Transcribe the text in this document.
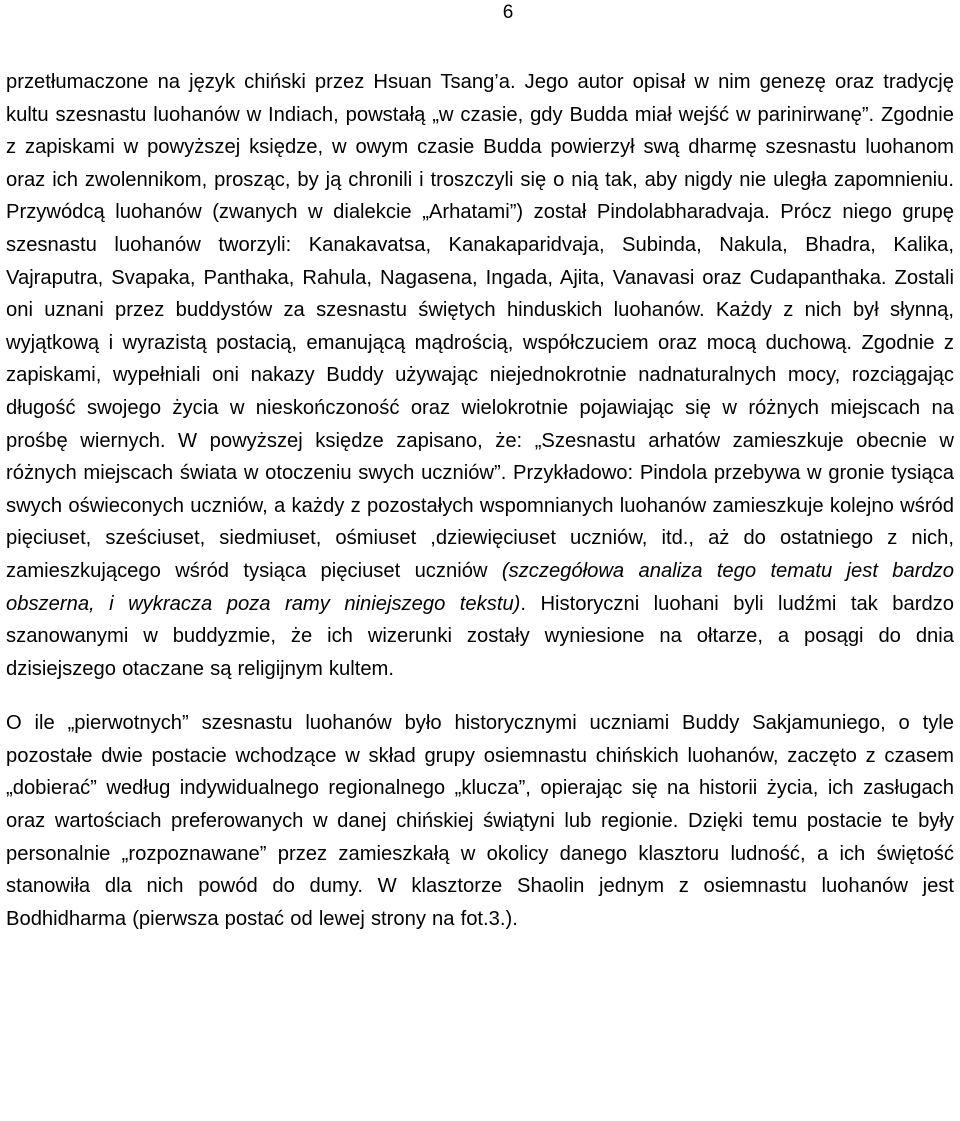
6

przetłumaczone na język chiński przez Hsuan Tsang’a. Jego autor opisał w nim genezę oraz tradycję kultu szesnastu luohanów w Indiach, powstałą „w czasie, gdy Budda miał wejść w parinirwanę”. Zgodnie z zapiskami w powyższej księdze, w owym czasie Budda powierzył swą dharmę szesnastu luohanom oraz ich zwolennikom, prosząc, by ją chronili i troszczyli się o nią tak, aby nigdy nie uległa zapomnieniu. Przywódcą luohanów (zwanych w dialekcie „Arhatami”) został Pindolabharadvaja. Prócz niego grupę szesnastu luohanów tworzyli: Kanakavatsa, Kanakaparidvaja, Subinda, Nakula, Bhadra, Kalika, Vajraputra, Svapaka, Panthaka, Rahula, Nagasena, Ingada, Ajita, Vanavasi oraz Cudapanthaka. Zostali oni uznani przez buddystów za szesnastu świętych hinduskich luohanów. Każdy z nich był słynną, wyjątkową i wyrazistą postacią, emanującą mądrością, współczuciem oraz mocą duchową. Zgodnie z zapiskami, wypełniali oni nakazy Buddy używając niejednokrotnie nadnaturalnych mocy, rozciągając długość swojego życia w nieskończoność oraz wielokrotnie pojawiając się w różnych miejscach na prośbę wiernych. W powyższej księdze zapisano, że: „Szesnastu arhatów zamieszkuje obecnie w różnych miejscach świata w otoczeniu swych uczniów”. Przykładowo: Pindola przebywa w gronie tysiąca swych oświeconych uczniów, a każdy z pozostałych wspomnianych luohanów zamieszkuje kolejno wśród pięciuset, sześciuset, siedmiuset, ośmiuset ,dziewięciuset uczniów, itd., aż do ostatniego z nich, zamieszkującego wśród tysiąca pięciuset uczniów (szczegółowa analiza tego tematu jest bardzo obszerna, i wykracza poza ramy niniejszego tekstu). Historyczni luohani byli ludźmi tak bardzo szanowanymi w buddyzmie, że ich wizerunki zostały wyniesione na ołtarze, a posągi do dnia dzisiejszego otaczane są religijnym kultem.

O ile „pierwotnych” szesnastu luohanów było historycznymi uczniami Buddy Sakjamuniego, o tyle pozostałe dwie postacie wchodzące w skład grupy osiemnastu chińskich luohanów, zaczęto z czasem „dobierać” według indywidualnego regionalnego „klucza”, opierając się na historii życia, ich zasługach oraz wartościach preferowanych w danej chińskiej świątyni lub regionie. Dzięki temu postacie te były personalnie „rozpoznawane” przez zamieszkałą w okolicy danego klasztoru ludność, a ich świętość stanowiła dla nich powód do dumy. W klasztorze Shaolin jednym z osiemnastu luohanów jest Bodhidharma (pierwsza postać od lewej strony na fot.3.).
